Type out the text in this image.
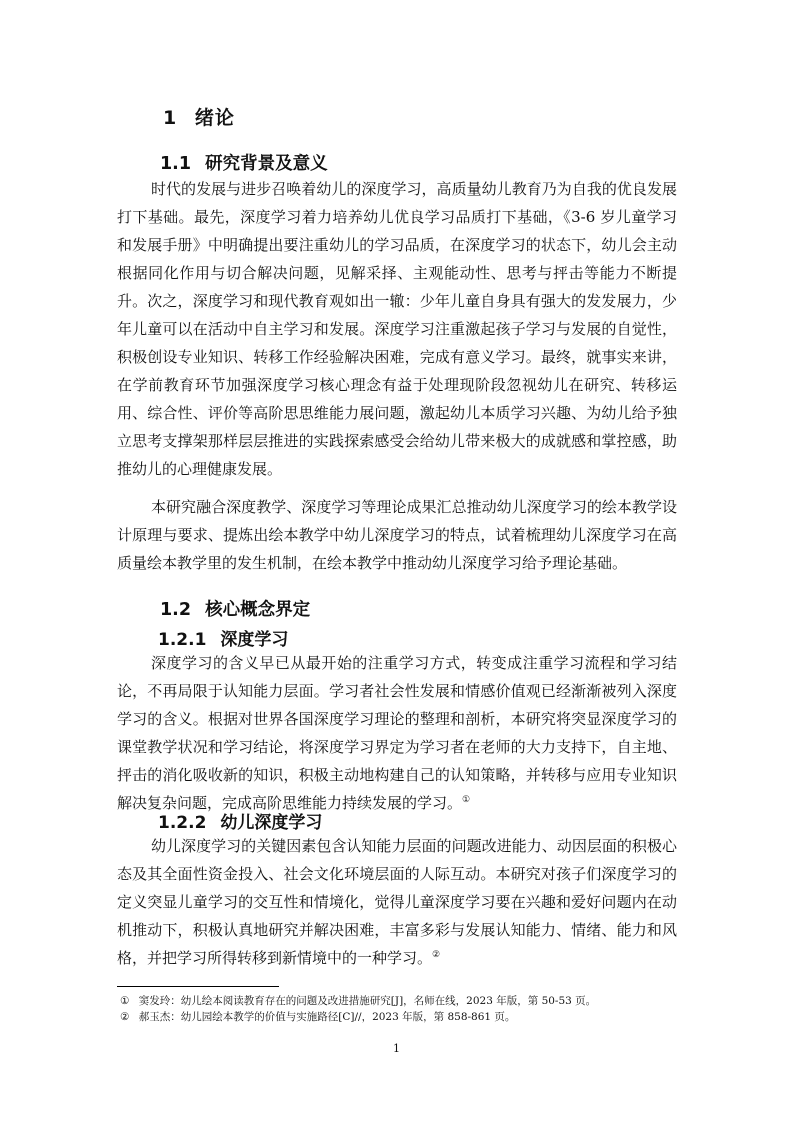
1 绪论
1.1 研究背景及意义

时代的发展与进步召唤着幼儿的深度学习，高质量幼儿教育乃为自我的优良发展打下基础。最先，深度学习着力培养幼儿优良学习品质打下基础，《3-6 岁儿童学习和发展手册》中明确提出要注重幼儿的学习品质，在深度学习的状态下，幼儿会主动根据同化作用与切合解决问题，见解采择、主观能动性、思考与抨击等能力不断提升。次之，深度学习和现代教育观如出一辙：少年儿童自身具有强大的发发展力，少年儿童可以在活动中自主学习和发展。深度学习注重激起孩子学习与发展的自觉性，积极创设专业知识、转移工作经验解决困难，完成有意义学习。最终，就事实来讲，在学前教育环节加强深度学习核心理念有益于处理现阶段忽视幼儿在研究、转移运用、综合性、评价等高阶思思维能力展问题，激起幼儿本质学习兴趣、为幼儿给予独立思考支撑架那样层层推进的实践探索感受会给幼儿带来极大的成就感和掌控感，助推幼儿的心理健康发展。

本研究融合深度教学、深度学习等理论成果汇总推动幼儿深度学习的绘本教学设计原理与要求、提炼出绘本教学中幼儿深度学习的特点，试着梳理幼儿深度学习在高质量绘本教学里的发生机制，在绘本教学中推动幼儿深度学习给予理论基础。

1.2 核心概念界定
1.2.1 深度学习

深度学习的含义早已从最开始的注重学习方式，转变成注重学习流程和学习结论，不再局限于认知能力层面。学习者社会性发展和情感价值观已经渐渐被列入深度学习的含义。根据对世界各国深度学习理论的整理和剖析，本研究将突显深度学习的课堂教学状况和学习结论，将深度学习界定为学习者在老师的大力支持下，自主地、抨击的消化吸收新的知识，积极主动地构建自己的认知策略，并转移与应用专业知识解决复杂问题，完成高阶思维能力持续发展的学习。①

1.2.2 幼儿深度学习

幼儿深度学习的关键因素包含认知能力层面的问题改进能力、动因层面的积极心态及其全面性资金投入、社会文化环境层面的人际互动。本研究对孩子们深度学习的定义突显儿童学习的交互性和情境化，觉得儿童深度学习要在兴趣和爱好问题内在动机推动下，积极认真地研究并解决困难，丰富多彩与发展认知能力、情绪、能力和风格，并把学习所得转移到新情境中的一种学习。②

① 窦发玲：幼儿绘本阅读教育存在的问题及改进措施研究[J]，名师在线，2023 年版，第 50-53 页。
② 郝玉杰：幼儿园绘本教学的价值与实施路径[C]//，2023 年版，第 858-861 页。
1
